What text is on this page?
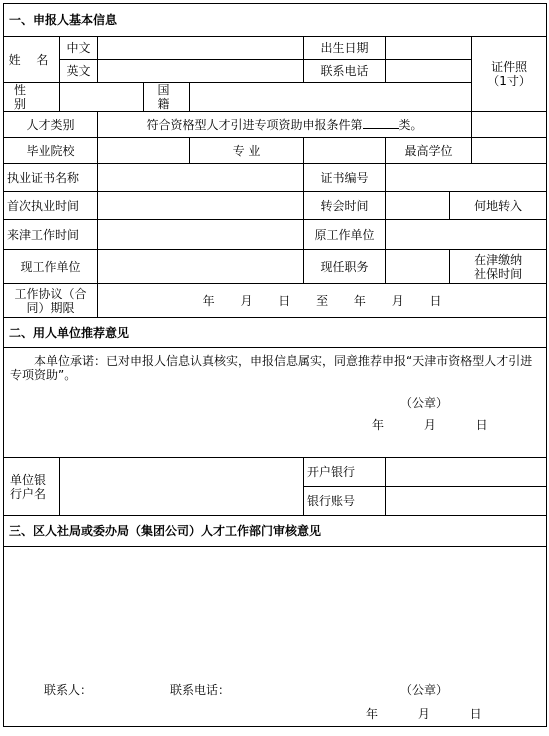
一、申报人基本信息								
姓 名	中文				出生日期			证件照
（1寸）

	英文				联系电话			
性 别			国 籍					
人才类别		符合资格型人才引进专项资助申报条件第 类。						
毕业院校				专 业		最高学位		
执业证书名称					证书编号			
首次执业时间					转会时间		何地转入	
来津工作时间					原工作单位			
现工作单位					现任职务		在津缴纳
社保时间	

工作协议（合同）期限		年 月 日 至 年 月 日						
二、用人单位推荐意见								

本单位承诺：已对申报人信息认真核实，申报信息属实，同意推荐申报“天津市资格型人才引进专项资助”。
（公章）
年 月 日								

单位银行户名					开户银行			
					银行账号			
三、区人社局或委办局（集团公司）人才工作部门审核意见								

联系人： 联系电话： （公章）
年 月 日								
